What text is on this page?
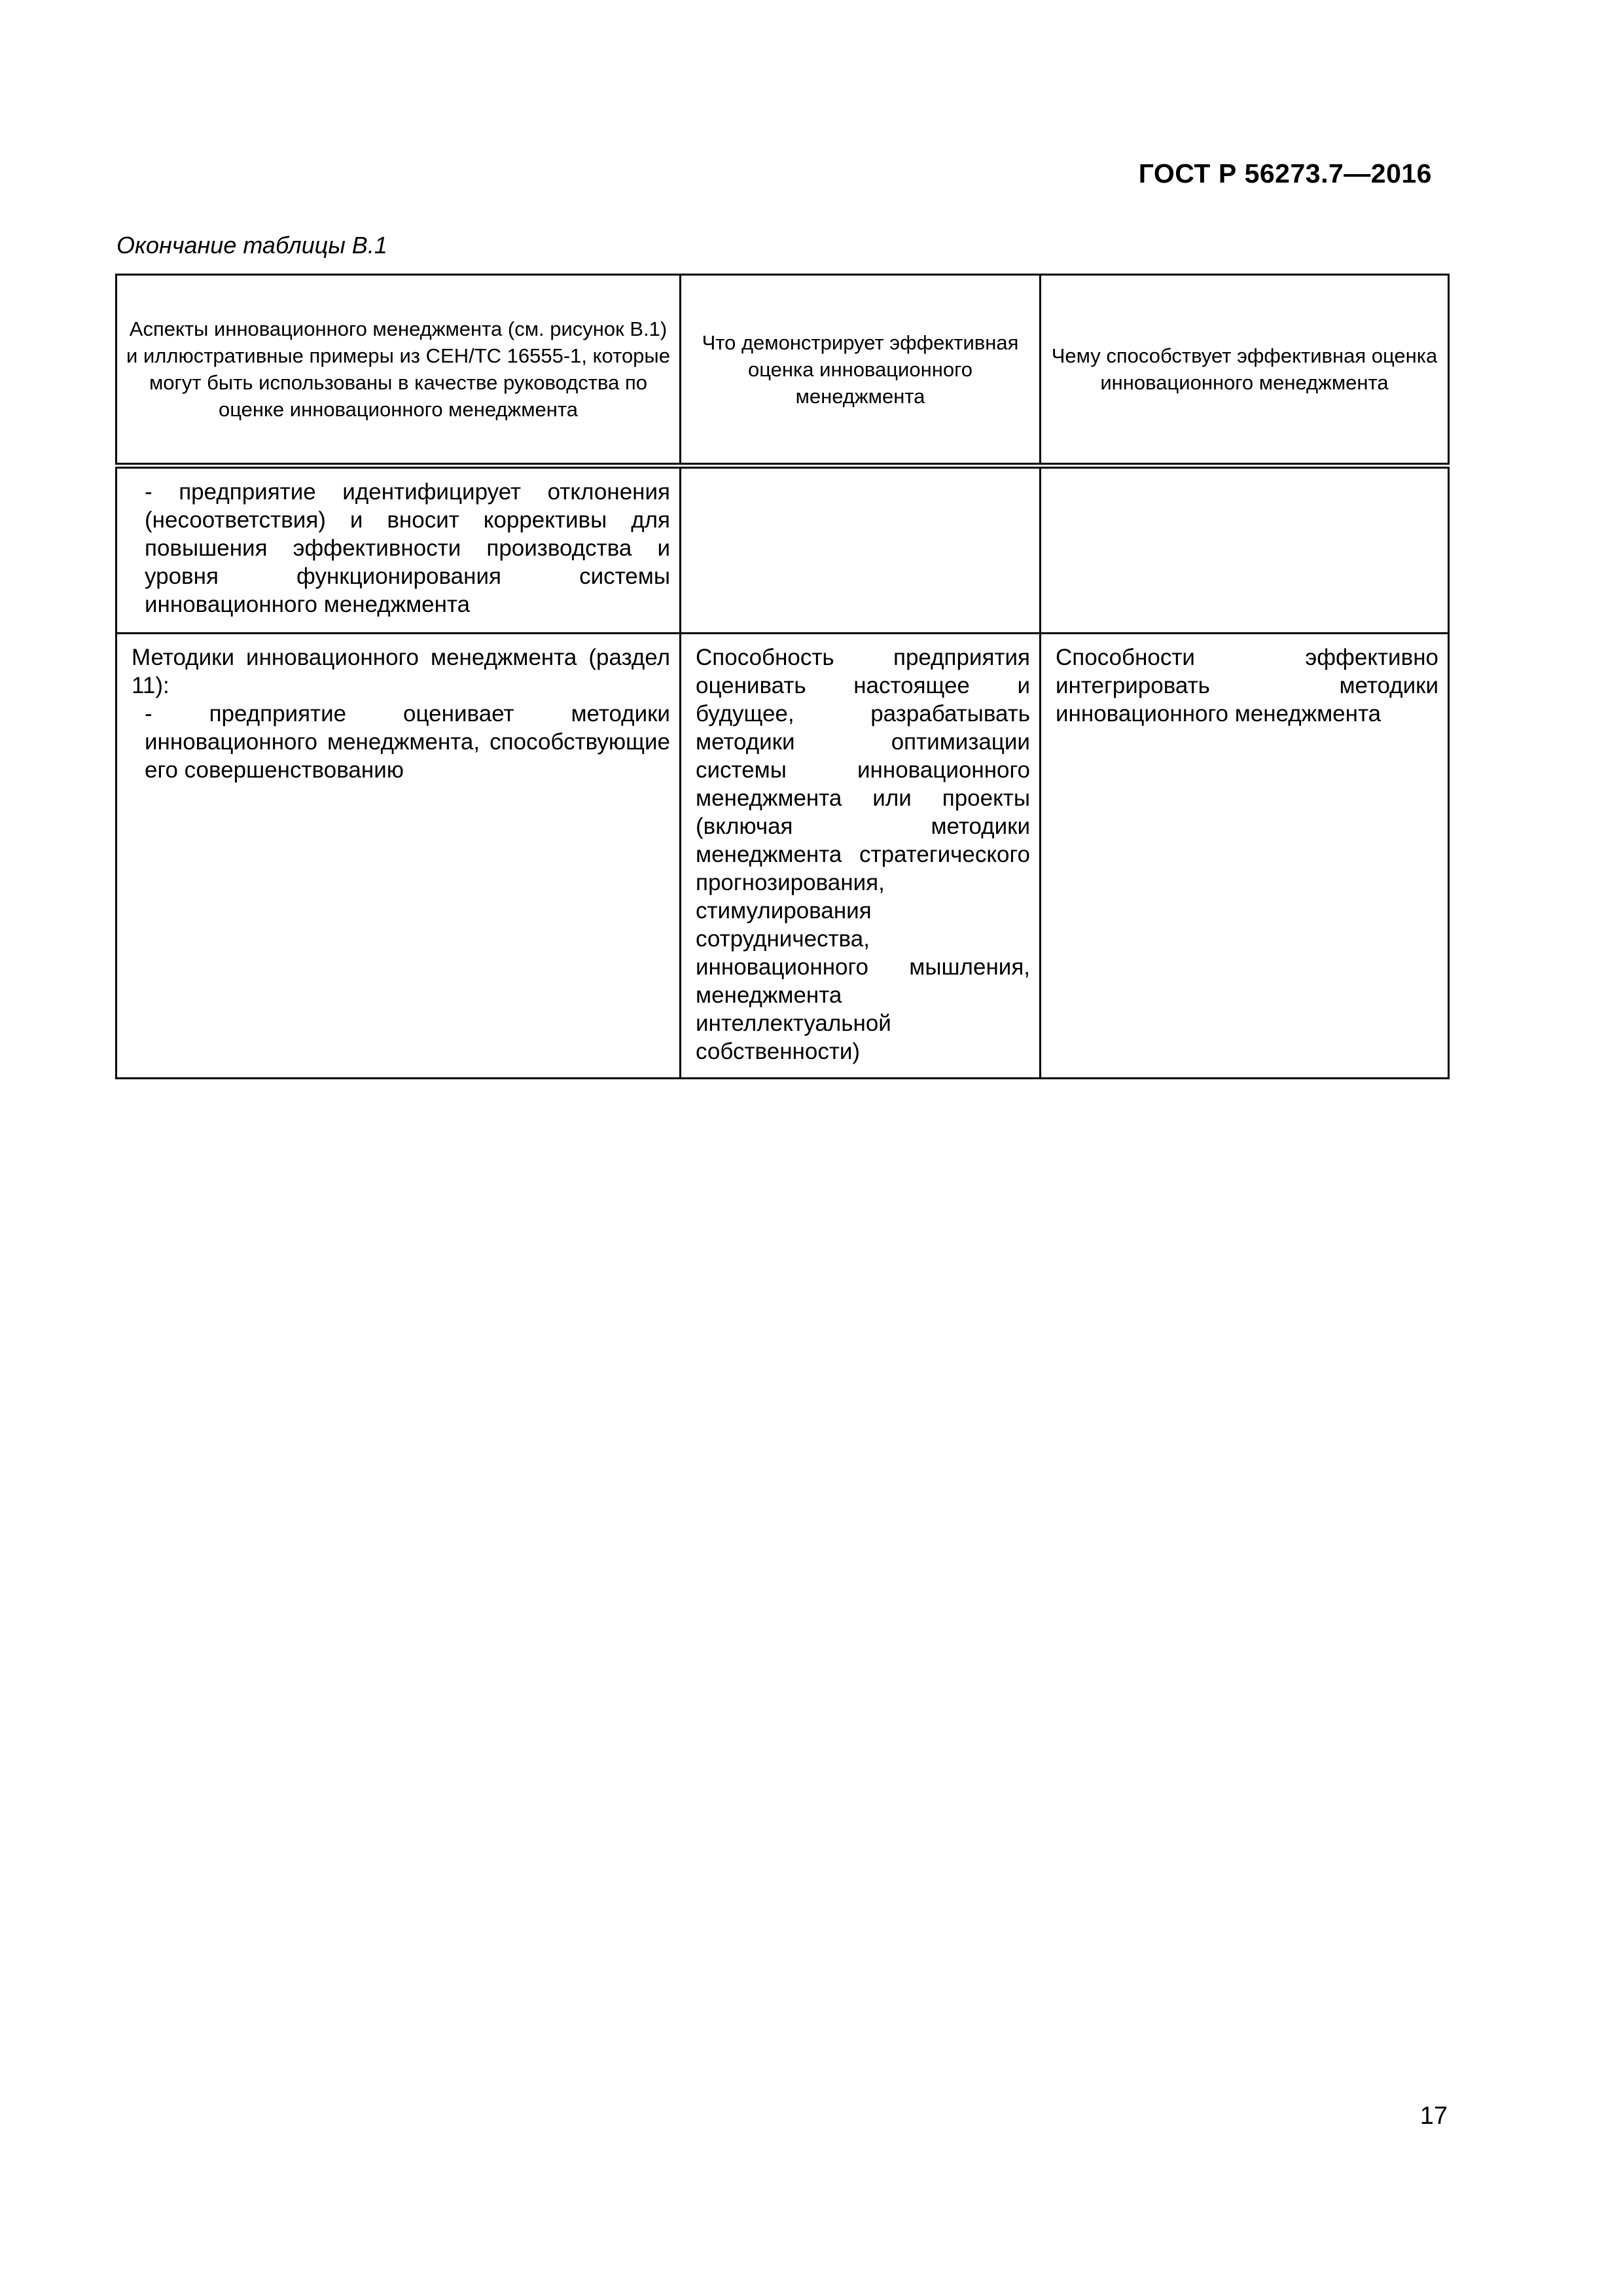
ГОСТ Р 56273.7—2016
Окончание таблицы В.1
Аспекты инновационного менеджмента (см. рисунок В.1) и иллюстративные примеры из СЕН/ТС 16555-1, которые могут быть использованы в качестве руководства по оценке инновационного менеджмента	Что демонстрирует эффективная оценка инновационного менеджмента	Чему способствует эффективная оценка инновационного менеджмента

- предприятие идентифицирует отклонения (несоответствия) и вносит коррективы для повышения эффективности производства и уровня функционирования системы инновационного менеджмента		

Методики инновационного менеджмента (раздел 11):
- предприятие оценивает методики инновационного менеджмента, способствующие его совершенствованию	Способность предприятия оценивать настоящее и будущее, разрабатывать методики оптимизации системы инновационного менеджмента или проекты (включая методики менеджмента стратегического прогнозирования, стимулирования сотрудничества, инновационного мышления, менеджмента интеллектуальной собственности)	Способности эффективно интегрировать методики инновационного менеджмента
17
